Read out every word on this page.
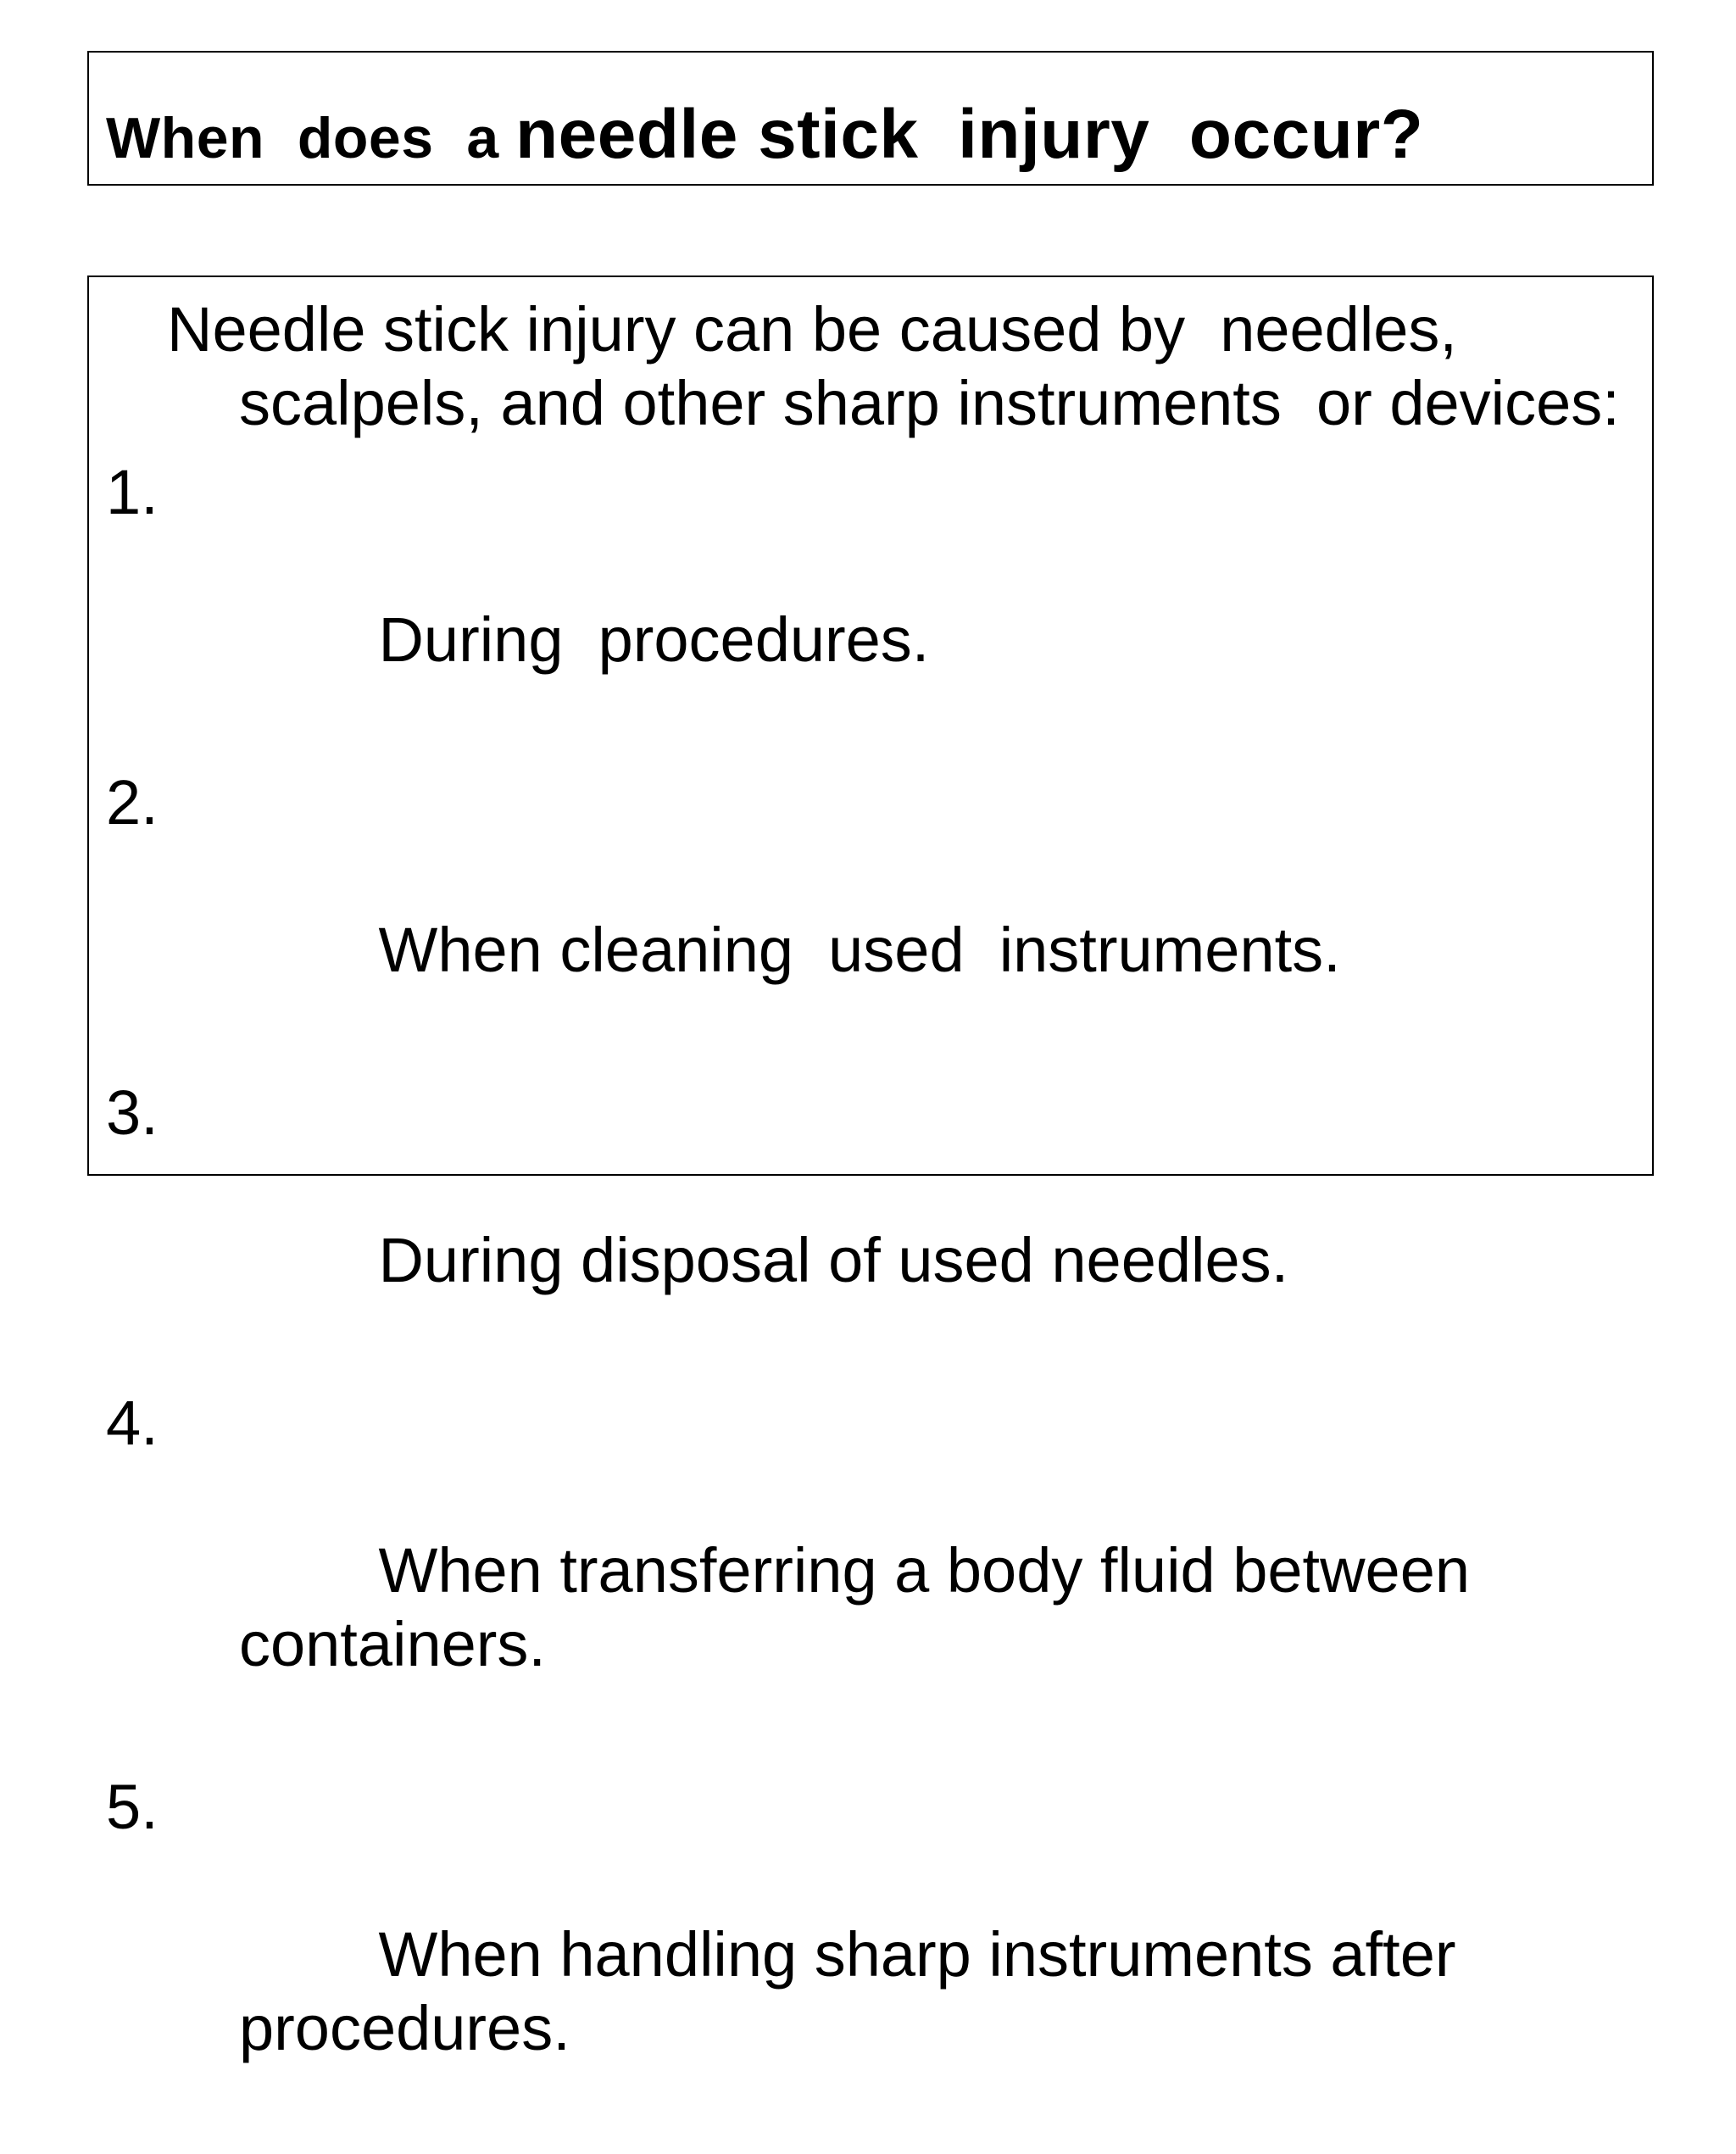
When  does  a needle stick  injury  occur?

Needle stick injury can be caused by  needles, scalpels, and other sharp instruments  or devices:

1.

During  procedures.

2.

When cleaning  used  instruments.

3.

During disposal of used needles.

4.

When transferring a body fluid between containers.

5.

When handling sharp instruments after procedures.
